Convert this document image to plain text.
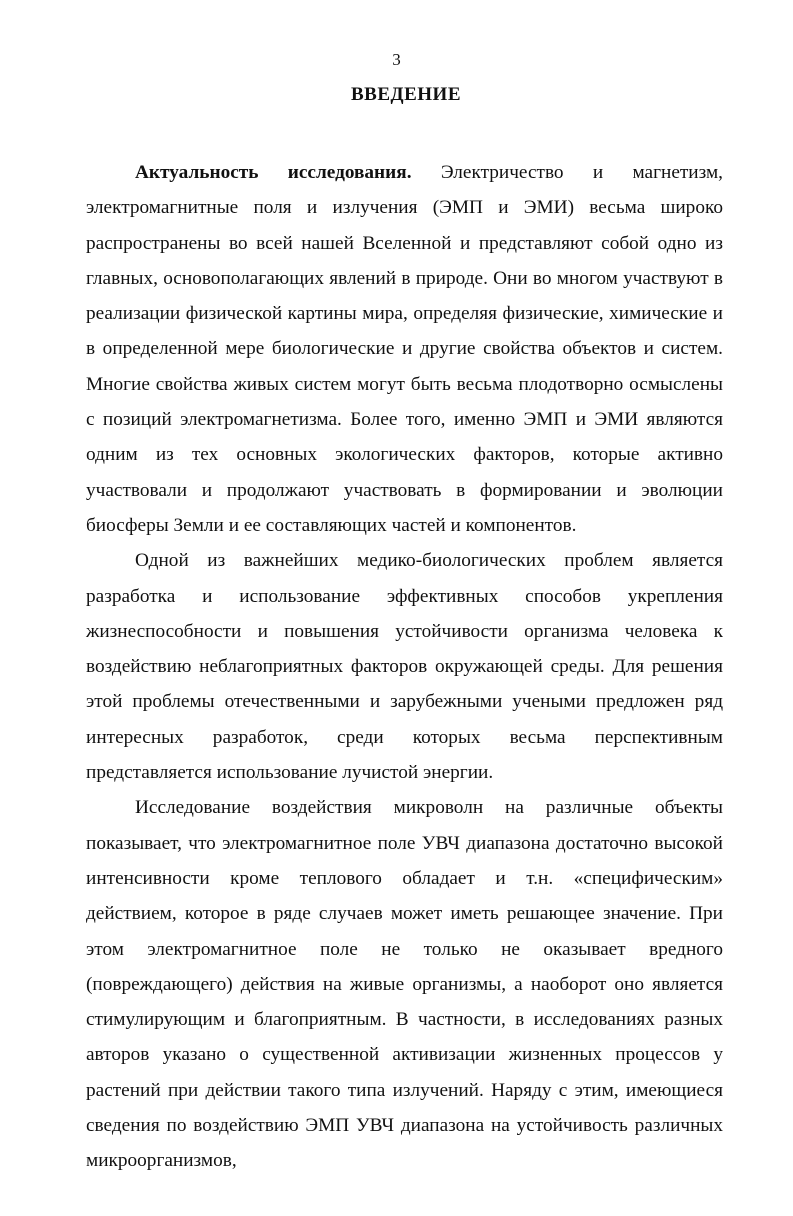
3
ВВЕДЕНИЕ

Актуальность исследования. Электричество и магнетизм, электромагнитные поля и излучения (ЭМП и ЭМИ) весьма широко распространены во всей нашей Вселенной и представляют собой одно из главных, основополагающих явлений в природе. Они во многом участвуют в реализации физической картины мира, определяя физические, химические и в определенной мере биологические и другие свойства объектов и систем. Многие свойства живых систем могут быть весьма плодотворно осмыслены с позиций электромагнетизма. Более того, именно ЭМП и ЭМИ являются одним из тех основных экологических факторов, которые активно участвовали и продолжают участвовать в формировании и эволюции биосферы Земли и ее составляющих частей и компонентов.

Одной из важнейших медико-биологических проблем является разработка и использование эффективных способов укрепления жизнеспособности и повышения устойчивости организма человека к воздействию неблагоприятных факторов окружающей среды. Для решения этой проблемы отечественными и зарубежными учеными предложен ряд интересных разработок, среди которых весьма перспективным представляется использование лучистой энергии.

Исследование воздействия микроволн на различные объекты показывает, что электромагнитное поле УВЧ диапазона достаточно высокой интенсивности кроме теплового обладает и т.н. «специфическим» действием, которое в ряде случаев может иметь решающее значение. При этом электромагнитное поле не только не оказывает вредного (повреждающего) действия на живые организмы, а наоборот оно является стимулирующим и благоприятным. В частности, в исследованиях разных авторов указано о существенной активизации жизненных процессов у растений при действии такого типа излучений. Наряду с этим, имеющиеся сведения по воздействию ЭМП УВЧ диапазона на устойчивость различных микроорганизмов,
